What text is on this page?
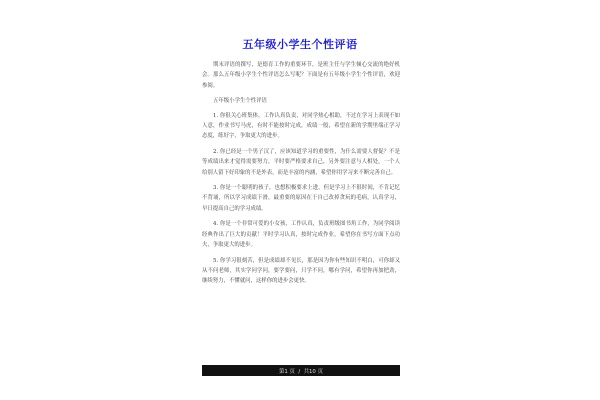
五年级小学生个性评语

期末评语的撰写，是德育工作的重要环节，是班主任与学生倾心交流的绝好机会。那么五年级小学生个性评语怎么写呢？下面是有五年级小学生个性评语，欢迎参阅。

五年级小学生个性评语

1. 你很关心班集体，工作认真负责，对同学热心相助，不过在学习上表现不如人意，作业书写马虎，有时不能按时完成，成绩一般，希望在新的学期里端正学习态度，练好字，争取更大的进步。

2. 你已经是一个男子汉了，应该知道学习的重要性，为什么需要人督促？不是等成绩出来才觉得需要努力，平时要严格要求自己，另外要注意与人相处，一个人给别人留下好印象的不是外表，而是丰富的内涵，希望你用学习来不断完善自己。

3. 你是一个聪明的孩子，也想积极要求上进，但是学习上不很时间，不肯记忆不背诵，所以学习成绩下滑，最重要的原因在于自己改掉贪玩的毛病，认真学习，早日提高自己的学习成绩。

4. 你是一个非常可爱的小女孩，工作认真，负责班级图书角工作，为同学阅读经典作出了巨大的贡献！平时学习认真，按时完成作业，希望你在书写方面下点功夫，争取更大的进步。

5. 你学习很刻苦，但是成绩却不见长，那是因为你有些知识不明白，可你却又从不问老师，其实学问学问，要学要问，只学不问，哪有学问，希望你再加把劲，继续努力，不懂就问，这样你的进步会更快。

第1 页  /  共10 页
